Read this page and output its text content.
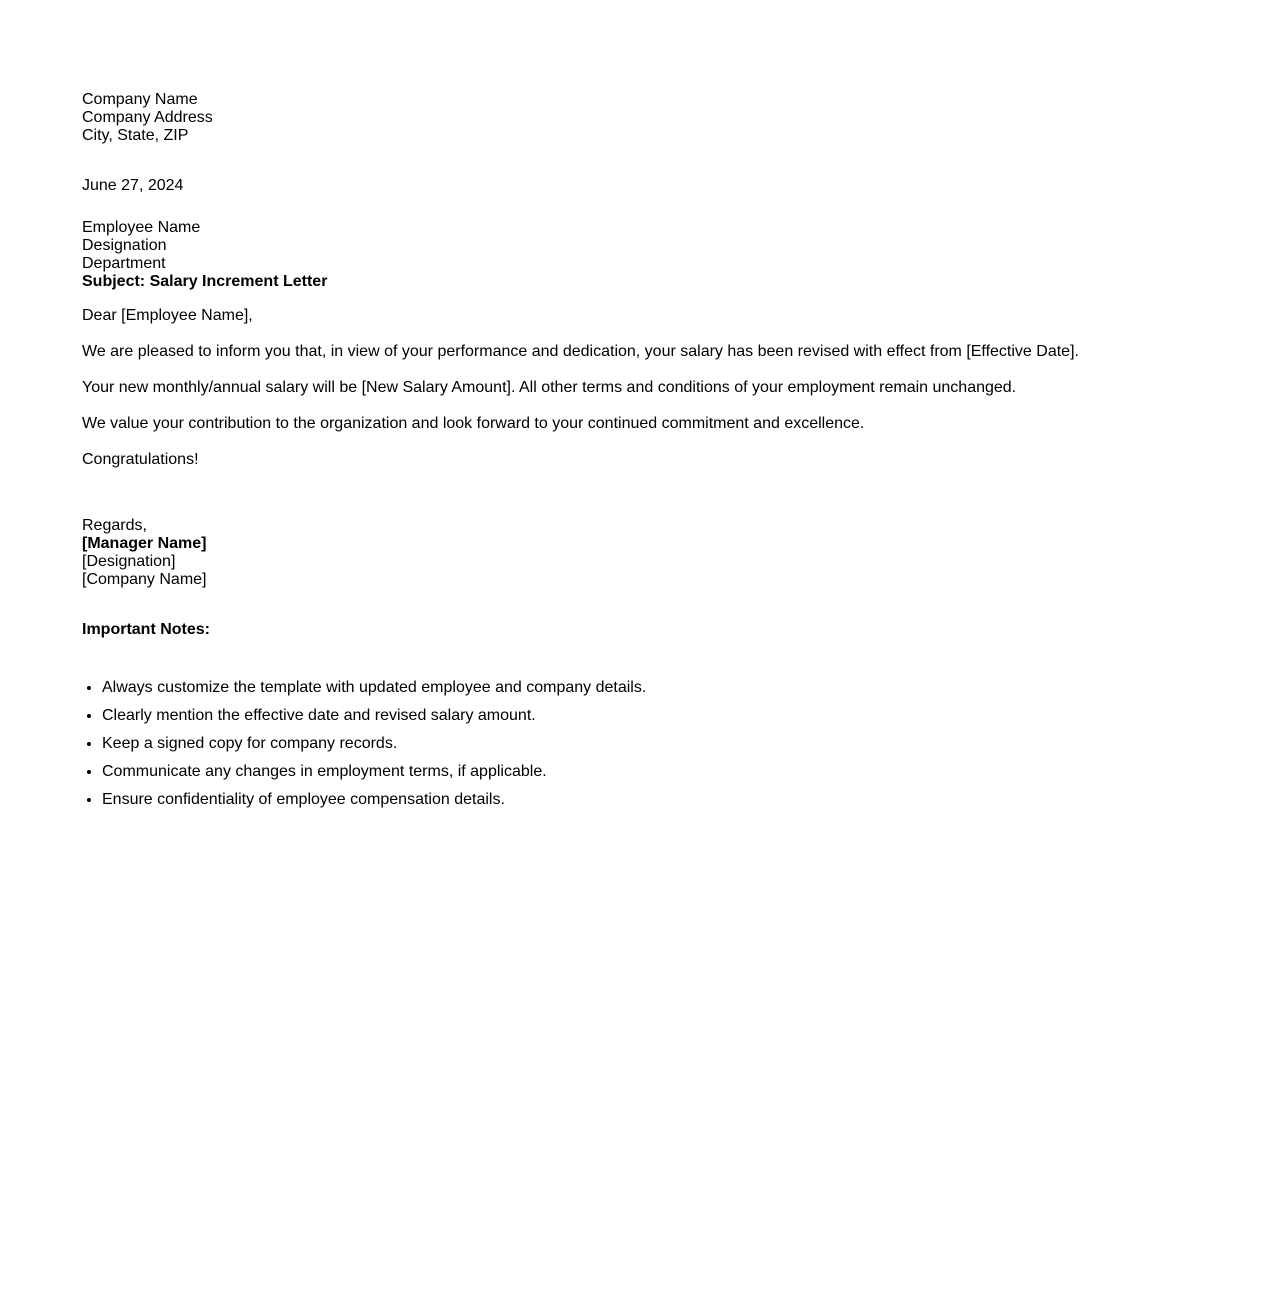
Company Name
Company Address
City, State, ZIP
June 27, 2024
Employee Name
Designation
Department
Subject: Salary Increment Letter
Dear [Employee Name],
We are pleased to inform you that, in view of your performance and dedication, your salary has been revised with effect from [Effective Date].
Your new monthly/annual salary will be [New Salary Amount]. All other terms and conditions of your employment remain unchanged.
We value your contribution to the organization and look forward to your continued commitment and excellence.
Congratulations!
Regards,
[Manager Name]
[Designation]
[Company Name]
Important Notes:
• Always customize the template with updated employee and company details.
• Clearly mention the effective date and revised salary amount.
• Keep a signed copy for company records.
• Communicate any changes in employment terms, if applicable.
• Ensure confidentiality of employee compensation details.
